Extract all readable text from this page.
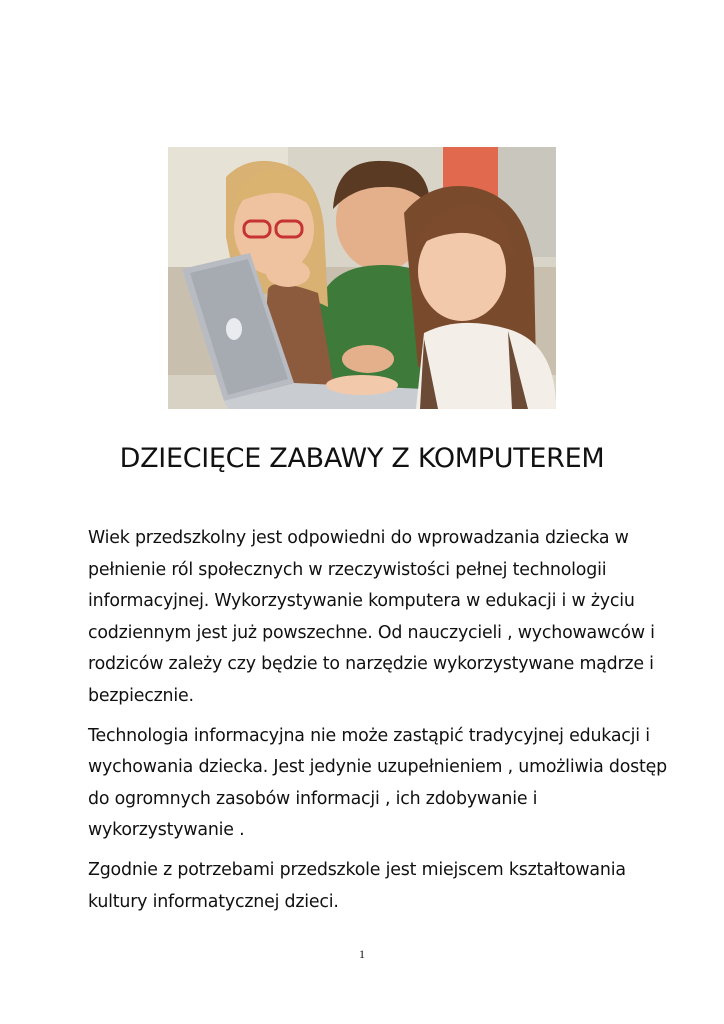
DZIECIĘCE ZABAWY Z KOMPUTEREM

Wiek przedszkolny jest odpowiedni do wprowadzania dziecka w pełnienie ról społecznych w rzeczywistości pełnej technologii informacyjnej. Wykorzystywanie komputera w edukacji i w życiu codziennym jest już powszechne. Od nauczycieli , wychowawców i rodziców zależy czy będzie to narzędzie wykorzystywane mądrze i bezpiecznie.

Technologia informacyjna nie może zastąpić tradycyjnej edukacji i wychowania dziecka. Jest jedynie uzupełnieniem , umożliwia dostęp do ogromnych zasobów informacji , ich zdobywanie i wykorzystywanie .

Zgodnie z potrzebami przedszkole jest miejscem kształtowania kultury informatycznej dzieci.

1
